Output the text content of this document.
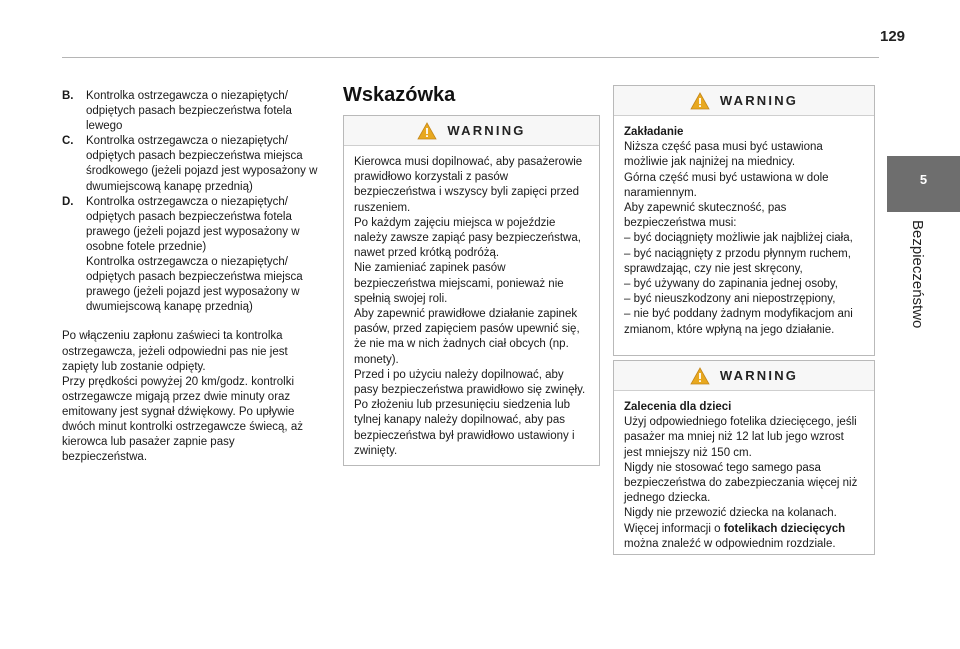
129
5
Bezpieczeństwo
B.	Kontrolka ostrzegawcza o niezapiętych/ odpiętych pasach bezpieczeństwa fotela lewego
C.	Kontrolka ostrzegawcza o niezapiętych/ odpiętych pasach bezpieczeństwa miejsca środkowego (jeżeli pojazd jest wyposażony w dwumiejscową kanapę przednią)
D.	Kontrolka ostrzegawcza o niezapiętych/ odpiętych pasach bezpieczeństwa fotela prawego (jeżeli pojazd jest wyposażony w osobne fotele przednie)
Kontrolka ostrzegawcza o niezapiętych/ odpiętych pasach bezpieczeństwa miejsca prawego (jeżeli pojazd jest wyposażony w dwumiejscową kanapę przednią)
Po włączeniu zapłonu zaświeci ta kontrolka ostrzegawcza, jeżeli odpowiedni pas nie jest zapięty lub zostanie odpięty.
Przy prędkości powyżej 20 km/godz. kontrolki ostrzegawcze migają przez dwie minuty oraz emitowany jest sygnał dźwiękowy. Po upływie dwóch minut kontrolki ostrzegawcze świecą, aż kierowca lub pasażer zapnie pasy bezpieczeństwa.
Wskazówka
WARNING
Kierowca musi dopilnować, aby pasażerowie prawidłowo korzystali z pasów bezpieczeństwa i wszyscy byli zapięci przed ruszeniem.
Po każdym zajęciu miejsca w pojeździe należy zawsze zapiąć pasy bezpieczeństwa, nawet przed krótką podróżą.
Nie zamieniać zapinek pasów bezpieczeństwa miejscami, ponieważ nie spełnią swojej roli.
Aby zapewnić prawidłowe działanie zapinek pasów, przed zapięciem pasów upewnić się, że nie ma w nich żadnych ciał obcych (np. monety).
Przed i po użyciu należy dopilnować, aby pasy bezpieczeństwa prawidłowo się zwinęły.
Po złożeniu lub przesunięciu siedzenia lub tylnej kanapy należy dopilnować, aby pas bezpieczeństwa był prawidłowo ustawiony i zwinięty.
WARNING
Zakładanie
Niższa część pasa musi być ustawiona możliwie jak najniżej na miednicy.
Górna część musi być ustawiona w dole naramiennym.
Aby zapewnić skuteczność, pas bezpieczeństwa musi:
– być dociągnięty możliwie jak najbliżej ciała,
– być naciągnięty z przodu płynnym ruchem, sprawdzając, czy nie jest skręcony,
– być używany do zapinania jednej osoby,
– być nieuszkodzony ani niepostrzępiony,
– nie być poddany żadnym modyfikacjom ani zmianom, które wpłyną na jego działanie.
WARNING
Zalecenia dla dzieci
Użyj odpowiedniego fotelika dziecięcego, jeśli pasażer ma mniej niż 12 lat lub jego wzrost jest mniejszy niż 150 cm.
Nigdy nie stosować tego samego pasa bezpieczeństwa do zabezpieczania więcej niż jednego dziecka.
Nigdy nie przewozić dziecka na kolanach.
Więcej informacji o fotelikach dziecięcych można znaleźć w odpowiednim rozdziale.
